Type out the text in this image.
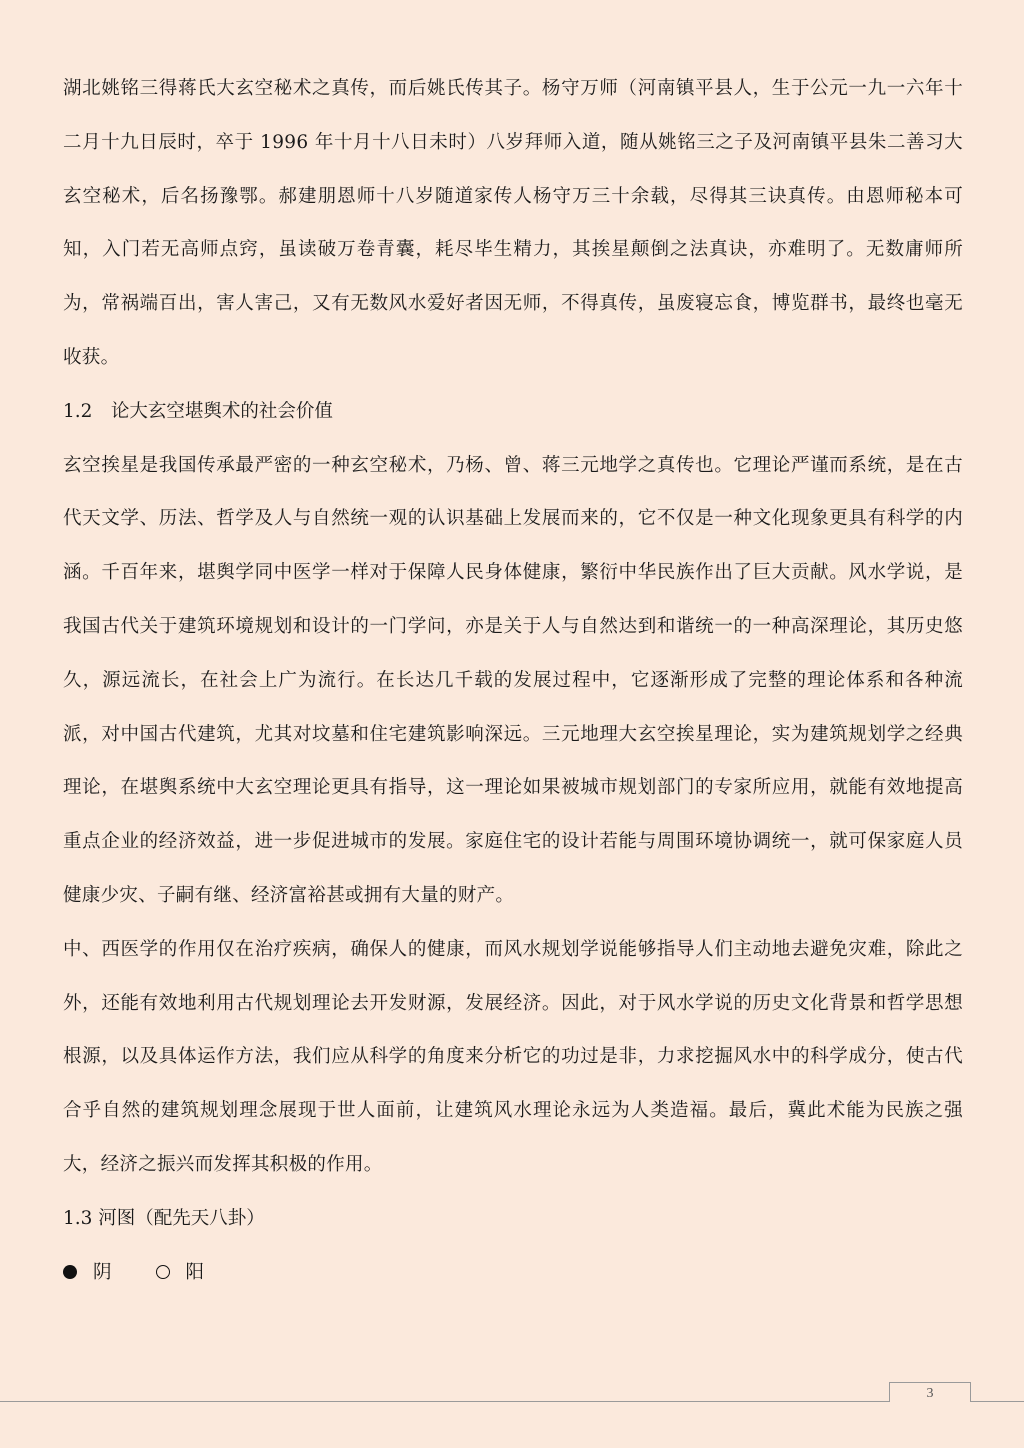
湖北姚铭三得蒋氏大玄空秘术之真传，而后姚氏传其子。杨守万师（河南镇平县人，生于公元一九一六年十二月十九日辰时，卒于 1996 年十月十八日未时）八岁拜师入道，随从姚铭三之子及河南镇平县朱二善习大玄空秘术，后名扬豫鄂。郝建朋恩师十八岁随道家传人杨守万三十余载，尽得其三诀真传。由恩师秘本可知，入门若无高师点窍，虽读破万卷青囊，耗尽毕生精力，其挨星颠倒之法真诀，亦难明了。无数庸师所为，常祸端百出，害人害己，又有无数风水爱好者因无师，不得真传，虽废寝忘食，博览群书，最终也毫无收获。

1.2　论大玄空堪舆术的社会价值

玄空挨星是我国传承最严密的一种玄空秘术，乃杨、曾、蒋三元地学之真传也。它理论严谨而系统，是在古代天文学、历法、哲学及人与自然统一观的认识基础上发展而来的，它不仅是一种文化现象更具有科学的内涵。千百年来，堪舆学同中医学一样对于保障人民身体健康，繁衍中华民族作出了巨大贡献。风水学说，是我国古代关于建筑环境规划和设计的一门学问，亦是关于人与自然达到和谐统一的一种高深理论，其历史悠久，源远流长，在社会上广为流行。在长达几千载的发展过程中，它逐渐形成了完整的理论体系和各种流派，对中国古代建筑，尤其对坟墓和住宅建筑影响深远。三元地理大玄空挨星理论，实为建筑规划学之经典理论，在堪舆系统中大玄空理论更具有指导，这一理论如果被城市规划部门的专家所应用，就能有效地提高重点企业的经济效益，进一步促进城市的发展。家庭住宅的设计若能与周围环境协调统一，就可保家庭人员健康少灾、子嗣有继、经济富裕甚或拥有大量的财产。

中、西医学的作用仅在治疗疾病，确保人的健康，而风水规划学说能够指导人们主动地去避免灾难，除此之外，还能有效地利用古代规划理论去开发财源，发展经济。因此，对于风水学说的历史文化背景和哲学思想根源，以及具体运作方法，我们应从科学的角度来分析它的功过是非，力求挖掘风水中的科学成分，使古代合乎自然的建筑规划理念展现于世人面前，让建筑风水理论永远为人类造福。最后，冀此术能为民族之强大，经济之振兴而发挥其积极的作用。

1.3 河图（配先天八卦）

阴	阳
3
